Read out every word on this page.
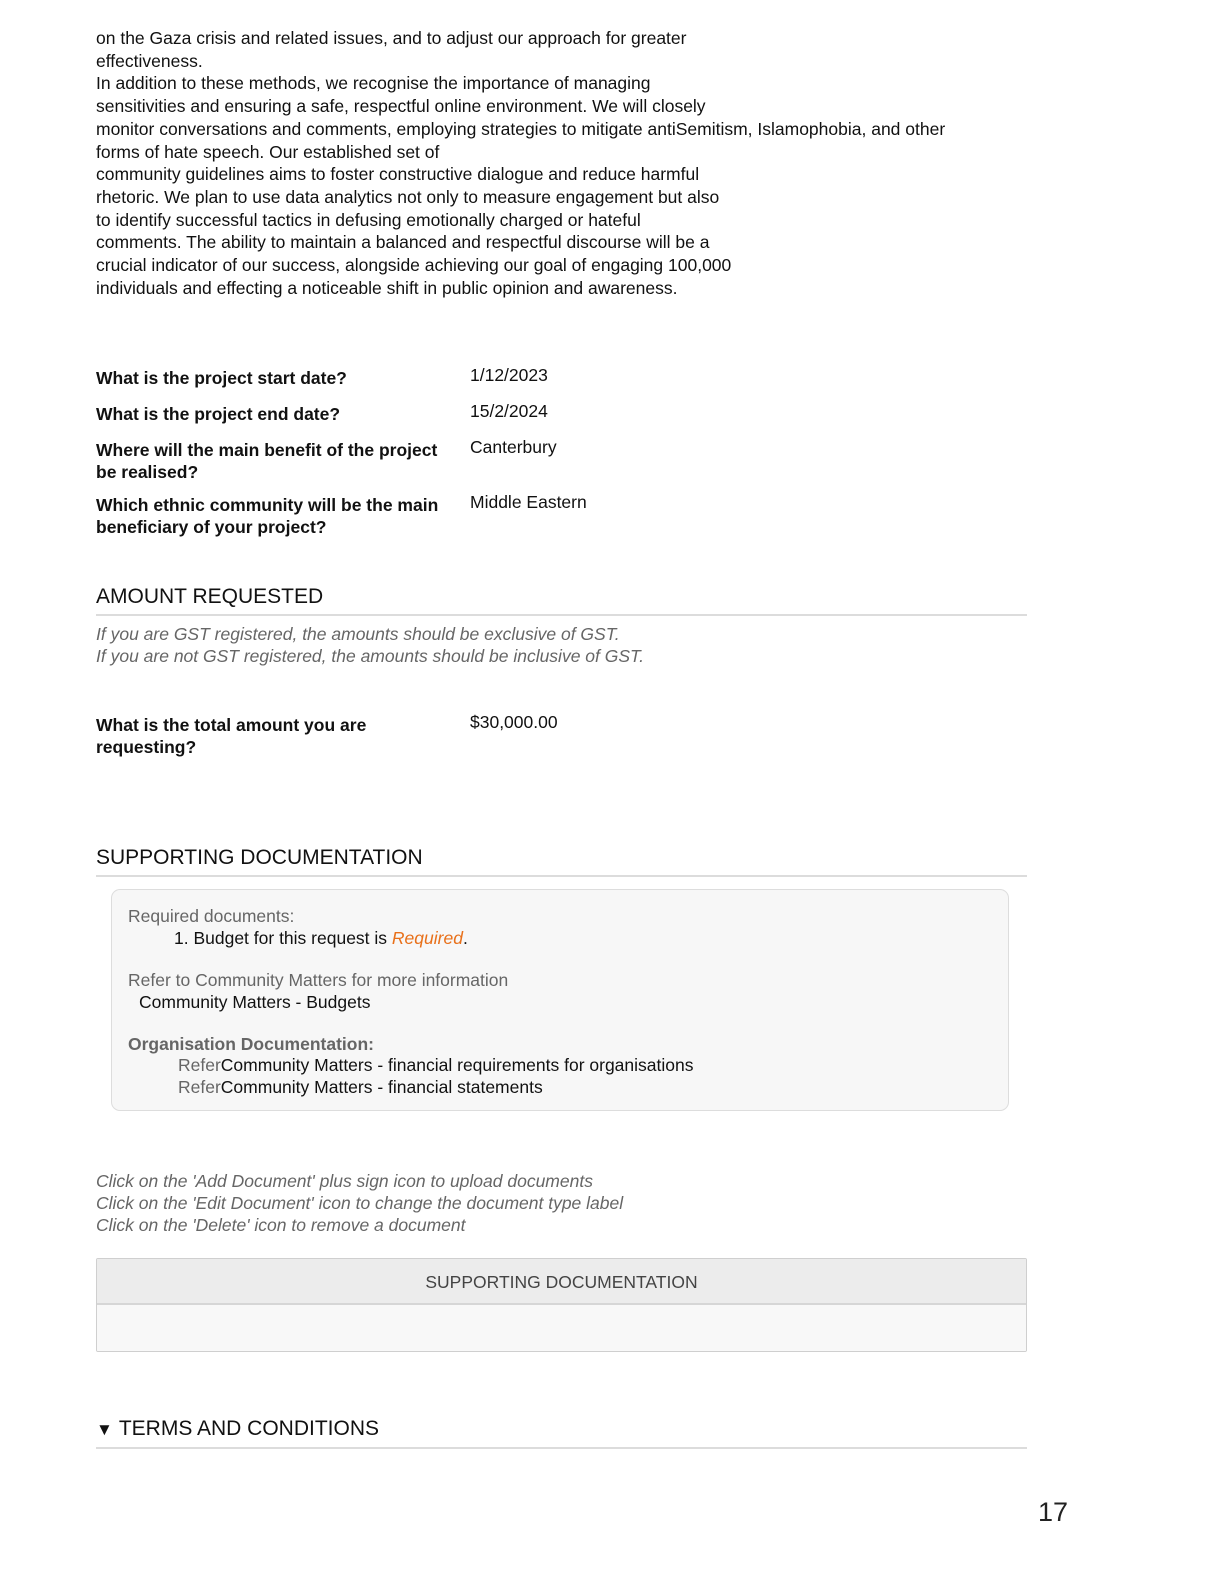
on the Gaza crisis and related issues, and to adjust our approach for greater
effectiveness.
In addition to these methods, we recognise the importance of managing
sensitivities and ensuring a safe, respectful online environment. We will closely
monitor conversations and comments, employing strategies to mitigate antiSemitism, Islamophobia, and other
forms of hate speech. Our established set of
community guidelines aims to foster constructive dialogue and reduce harmful
rhetoric. We plan to use data analytics not only to measure engagement but also
to identify successful tactics in defusing emotionally charged or hateful
comments. The ability to maintain a balanced and respectful discourse will be a
crucial indicator of our success, alongside achieving our goal of engaging 100,000
individuals and effecting a noticeable shift in public opinion and awareness.
What is the project start date?	1/12/2023
What is the project end date?	15/2/2024
Where will the main benefit of the project be realised?
Canterbury
Which ethnic community will be the main beneficiary of your project?
Middle Eastern
AMOUNT REQUESTED
If you are GST registered, the amounts should be exclusive of GST.
If you are not GST registered, the amounts should be inclusive of GST.
What is the total amount you are requesting?
$30,000.00
SUPPORTING DOCUMENTATION
Required documents:
1. Budget for this request is Required.
Refer to Community Matters for more information
Community Matters - Budgets
Organisation Documentation:
ReferCommunity Matters - financial requirements for organisations
ReferCommunity Matters - financial statements
Click on the 'Add Document' plus sign icon to upload documents
Click on the 'Edit Document' icon to change the document type label
Click on the 'Delete' icon to remove a document
SUPPORTING DOCUMENTATION
▼ TERMS AND CONDITIONS
17
